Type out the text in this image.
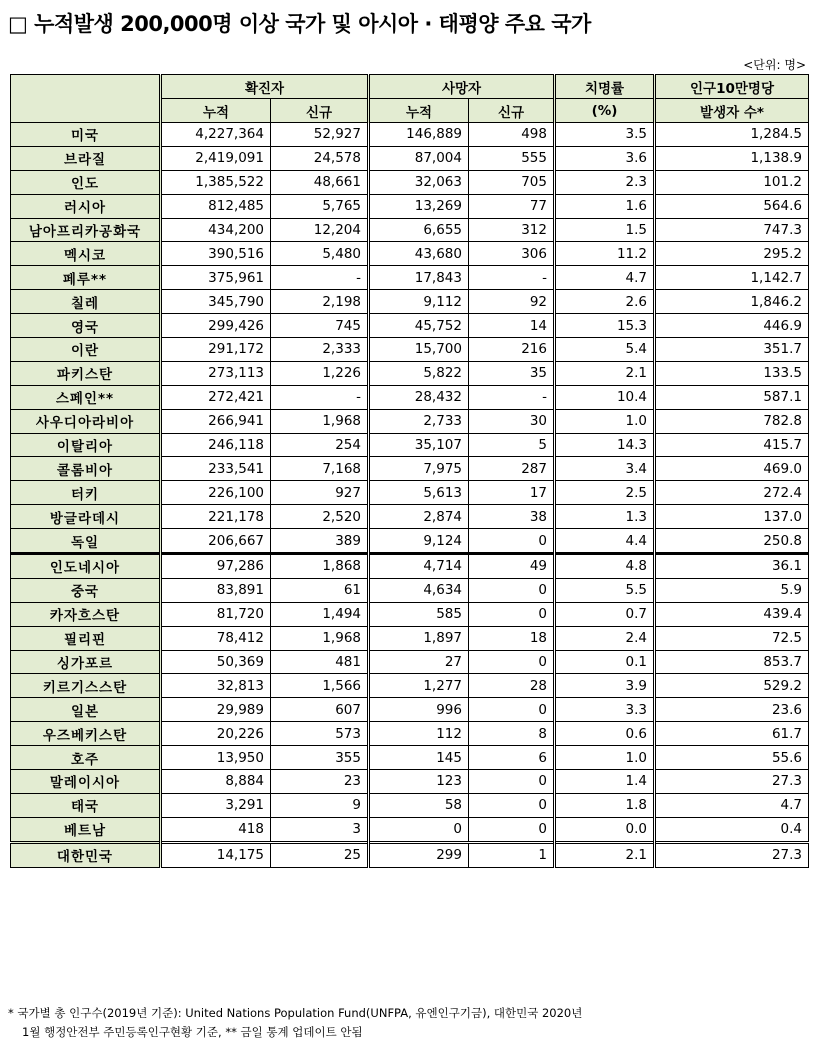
□ 누적발생 200,000명 이상 국가 및 아시아 · 태평양 주요 국가
<단위: 명>
	확진자		사망자		치명률	인구10만명당
	누적	신규	누적	신규	(%)	발생자 수*
미국	4,227,364	52,927	146,889	498	3.5	1,284.5
브라질	2,419,091	24,578	87,004	555	3.6	1,138.9
인도	1,385,522	48,661	32,063	705	2.3	101.2
러시아	812,485	5,765	13,269	77	1.6	564.6
남아프리카공화국	434,200	12,204	6,655	312	1.5	747.3
멕시코	390,516	5,480	43,680	306	11.2	295.2
페루**	375,961	-	17,843	-	4.7	1,142.7
칠레	345,790	2,198	9,112	92	2.6	1,846.2
영국	299,426	745	45,752	14	15.3	446.9
이란	291,172	2,333	15,700	216	5.4	351.7
파키스탄	273,113	1,226	5,822	35	2.1	133.5
스페인**	272,421	-	28,432	-	10.4	587.1
사우디아라비아	266,941	1,968	2,733	30	1.0	782.8
이탈리아	246,118	254	35,107	5	14.3	415.7
콜롬비아	233,541	7,168	7,975	287	3.4	469.0
터키	226,100	927	5,613	17	2.5	272.4
방글라데시	221,178	2,520	2,874	38	1.3	137.0
독일	206,667	389	9,124	0	4.4	250.8
인도네시아	97,286	1,868	4,714	49	4.8	36.1
중국	83,891	61	4,634	0	5.5	5.9
카자흐스탄	81,720	1,494	585	0	0.7	439.4
필리핀	78,412	1,968	1,897	18	2.4	72.5
싱가포르	50,369	481	27	0	0.1	853.7
키르기스스탄	32,813	1,566	1,277	28	3.9	529.2
일본	29,989	607	996	0	3.3	23.6
우즈베키스탄	20,226	573	112	8	0.6	61.7
호주	13,950	355	145	6	1.0	55.6
말레이시아	8,884	23	123	0	1.4	27.3
태국	3,291	9	58	0	1.8	4.7
베트남	418	3	0	0	0.0	0.4
대한민국	14,175	25	299	1	2.1	27.3
* 국가별 총 인구수(2019년 기준): United Nations Population Fund(UNFPA, 유엔인구기금), 대한민국 2020년
1월 행정안전부 주민등록인구현황 기준, ** 금일 통계 업데이트 안됨
